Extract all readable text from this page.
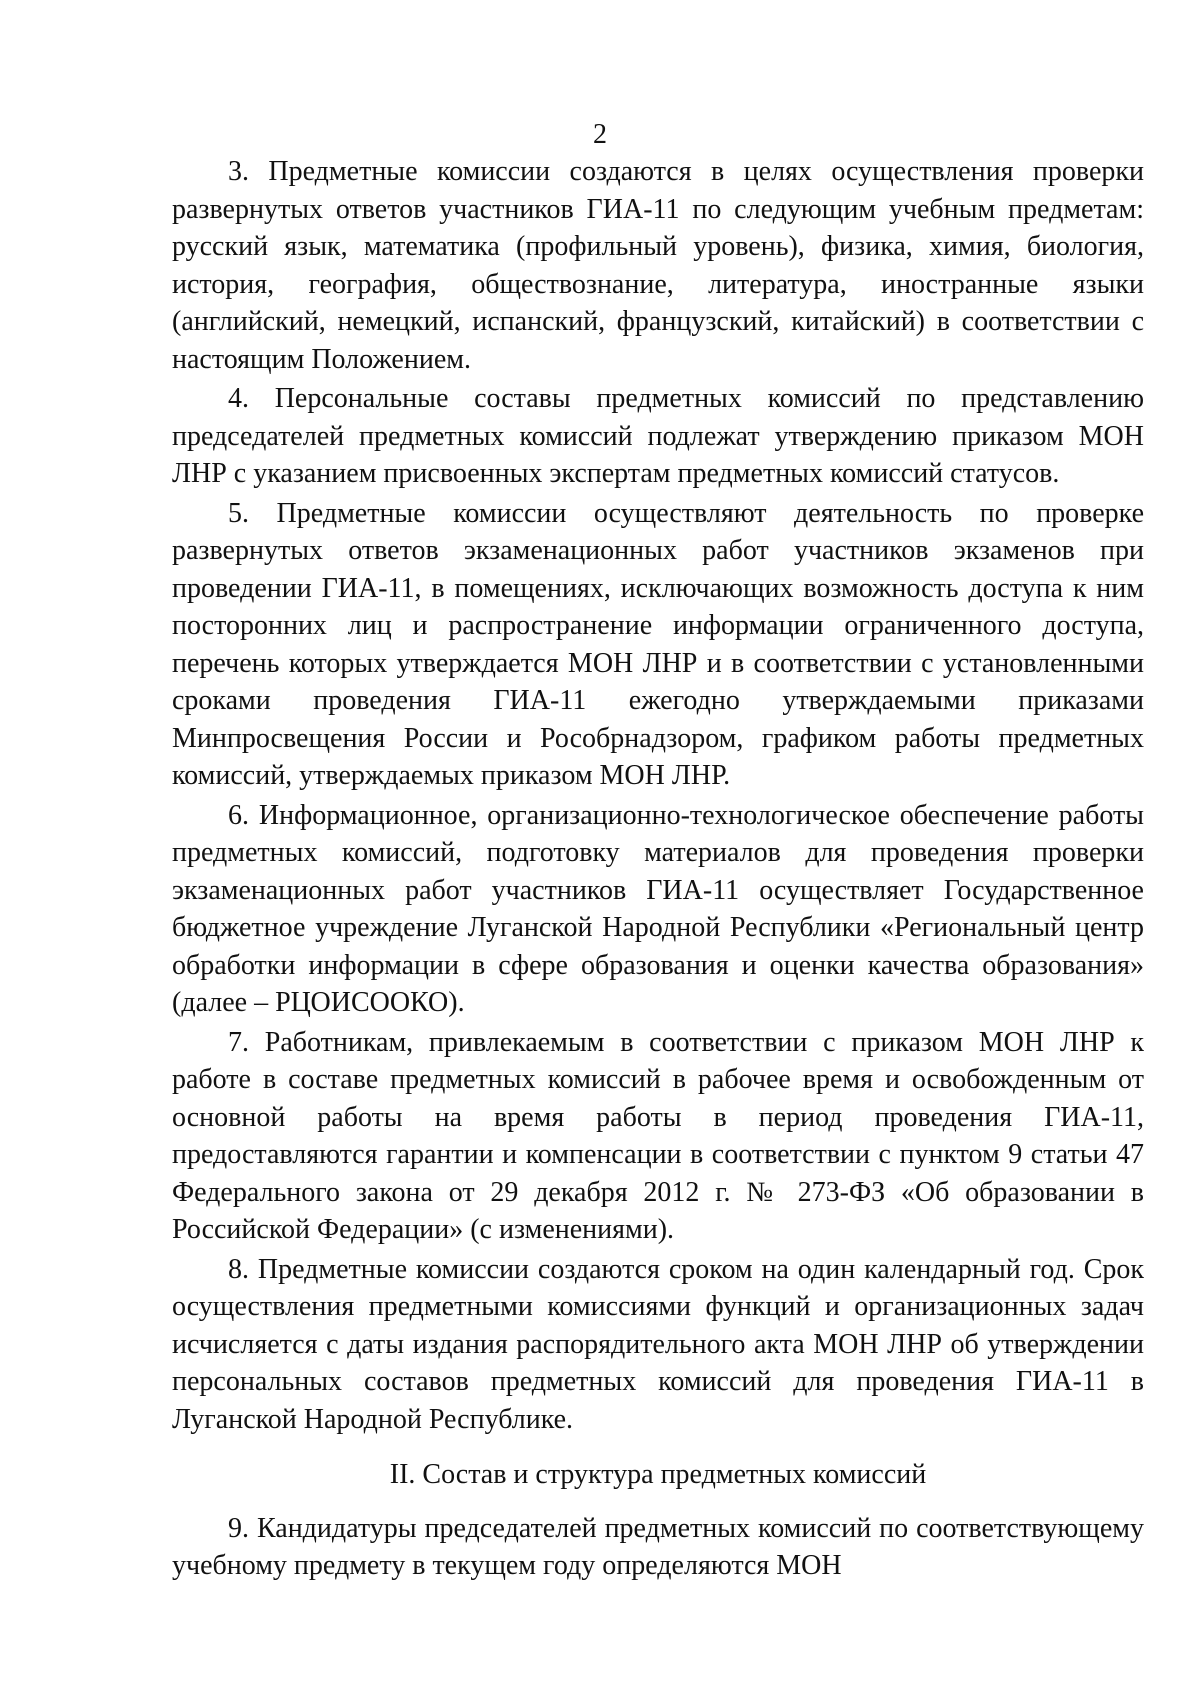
2

3. Предметные комиссии создаются в целях осуществления проверки развернутых ответов участников ГИА-11 по следующим учебным предметам: русский язык, математика (профильный уровень), физика, химия, биология, история, география, обществознание, литература, иностранные языки (английский, немецкий, испанский, французский, китайский) в соответствии с настоящим Положением.

4. Персональные составы предметных комиссий по представлению председателей предметных комиссий подлежат утверждению приказом МОН ЛНР с указанием присвоенных экспертам предметных комиссий статусов.

5. Предметные комиссии осуществляют деятельность по проверке развернутых ответов экзаменационных работ участников экзаменов при проведении ГИА-11, в помещениях, исключающих возможность доступа к ним посторонних лиц и распространение информации ограниченного доступа, перечень которых утверждается МОН ЛНР и в соответствии с установленными сроками проведения ГИА-11 ежегодно утверждаемыми приказами Минпросвещения России и Рособрнадзором, графиком работы предметных комиссий, утверждаемых приказом МОН ЛНР.

6. Информационное, организационно-технологическое обеспечение работы предметных комиссий, подготовку материалов для проведения проверки экзаменационных работ участников ГИА-11 осуществляет Государственное бюджетное учреждение Луганской Народной Республики «Региональный центр обработки информации в сфере образования и оценки качества образования» (далее – РЦОИСООКО).

7. Работникам, привлекаемым в соответствии с приказом МОН ЛНР к работе в составе предметных комиссий в рабочее время и освобожденным от основной работы на время работы в период проведения ГИА-11, предоставляются гарантии и компенсации в соответствии с пунктом 9 статьи 47 Федерального закона от 29 декабря 2012 г. № 273-ФЗ «Об образовании в Российской Федерации» (с изменениями).

8. Предметные комиссии создаются сроком на один календарный год. Срок осуществления предметными комиссиями функций и организационных задач исчисляется с даты издания распорядительного акта МОН ЛНР об утверждении персональных составов предметных комиссий для проведения ГИА-11 в Луганской Народной Республике.

II. Состав и структура предметных комиссий

9. Кандидатуры председателей предметных комиссий по соответствующему учебному предмету в текущем году определяются МОН
